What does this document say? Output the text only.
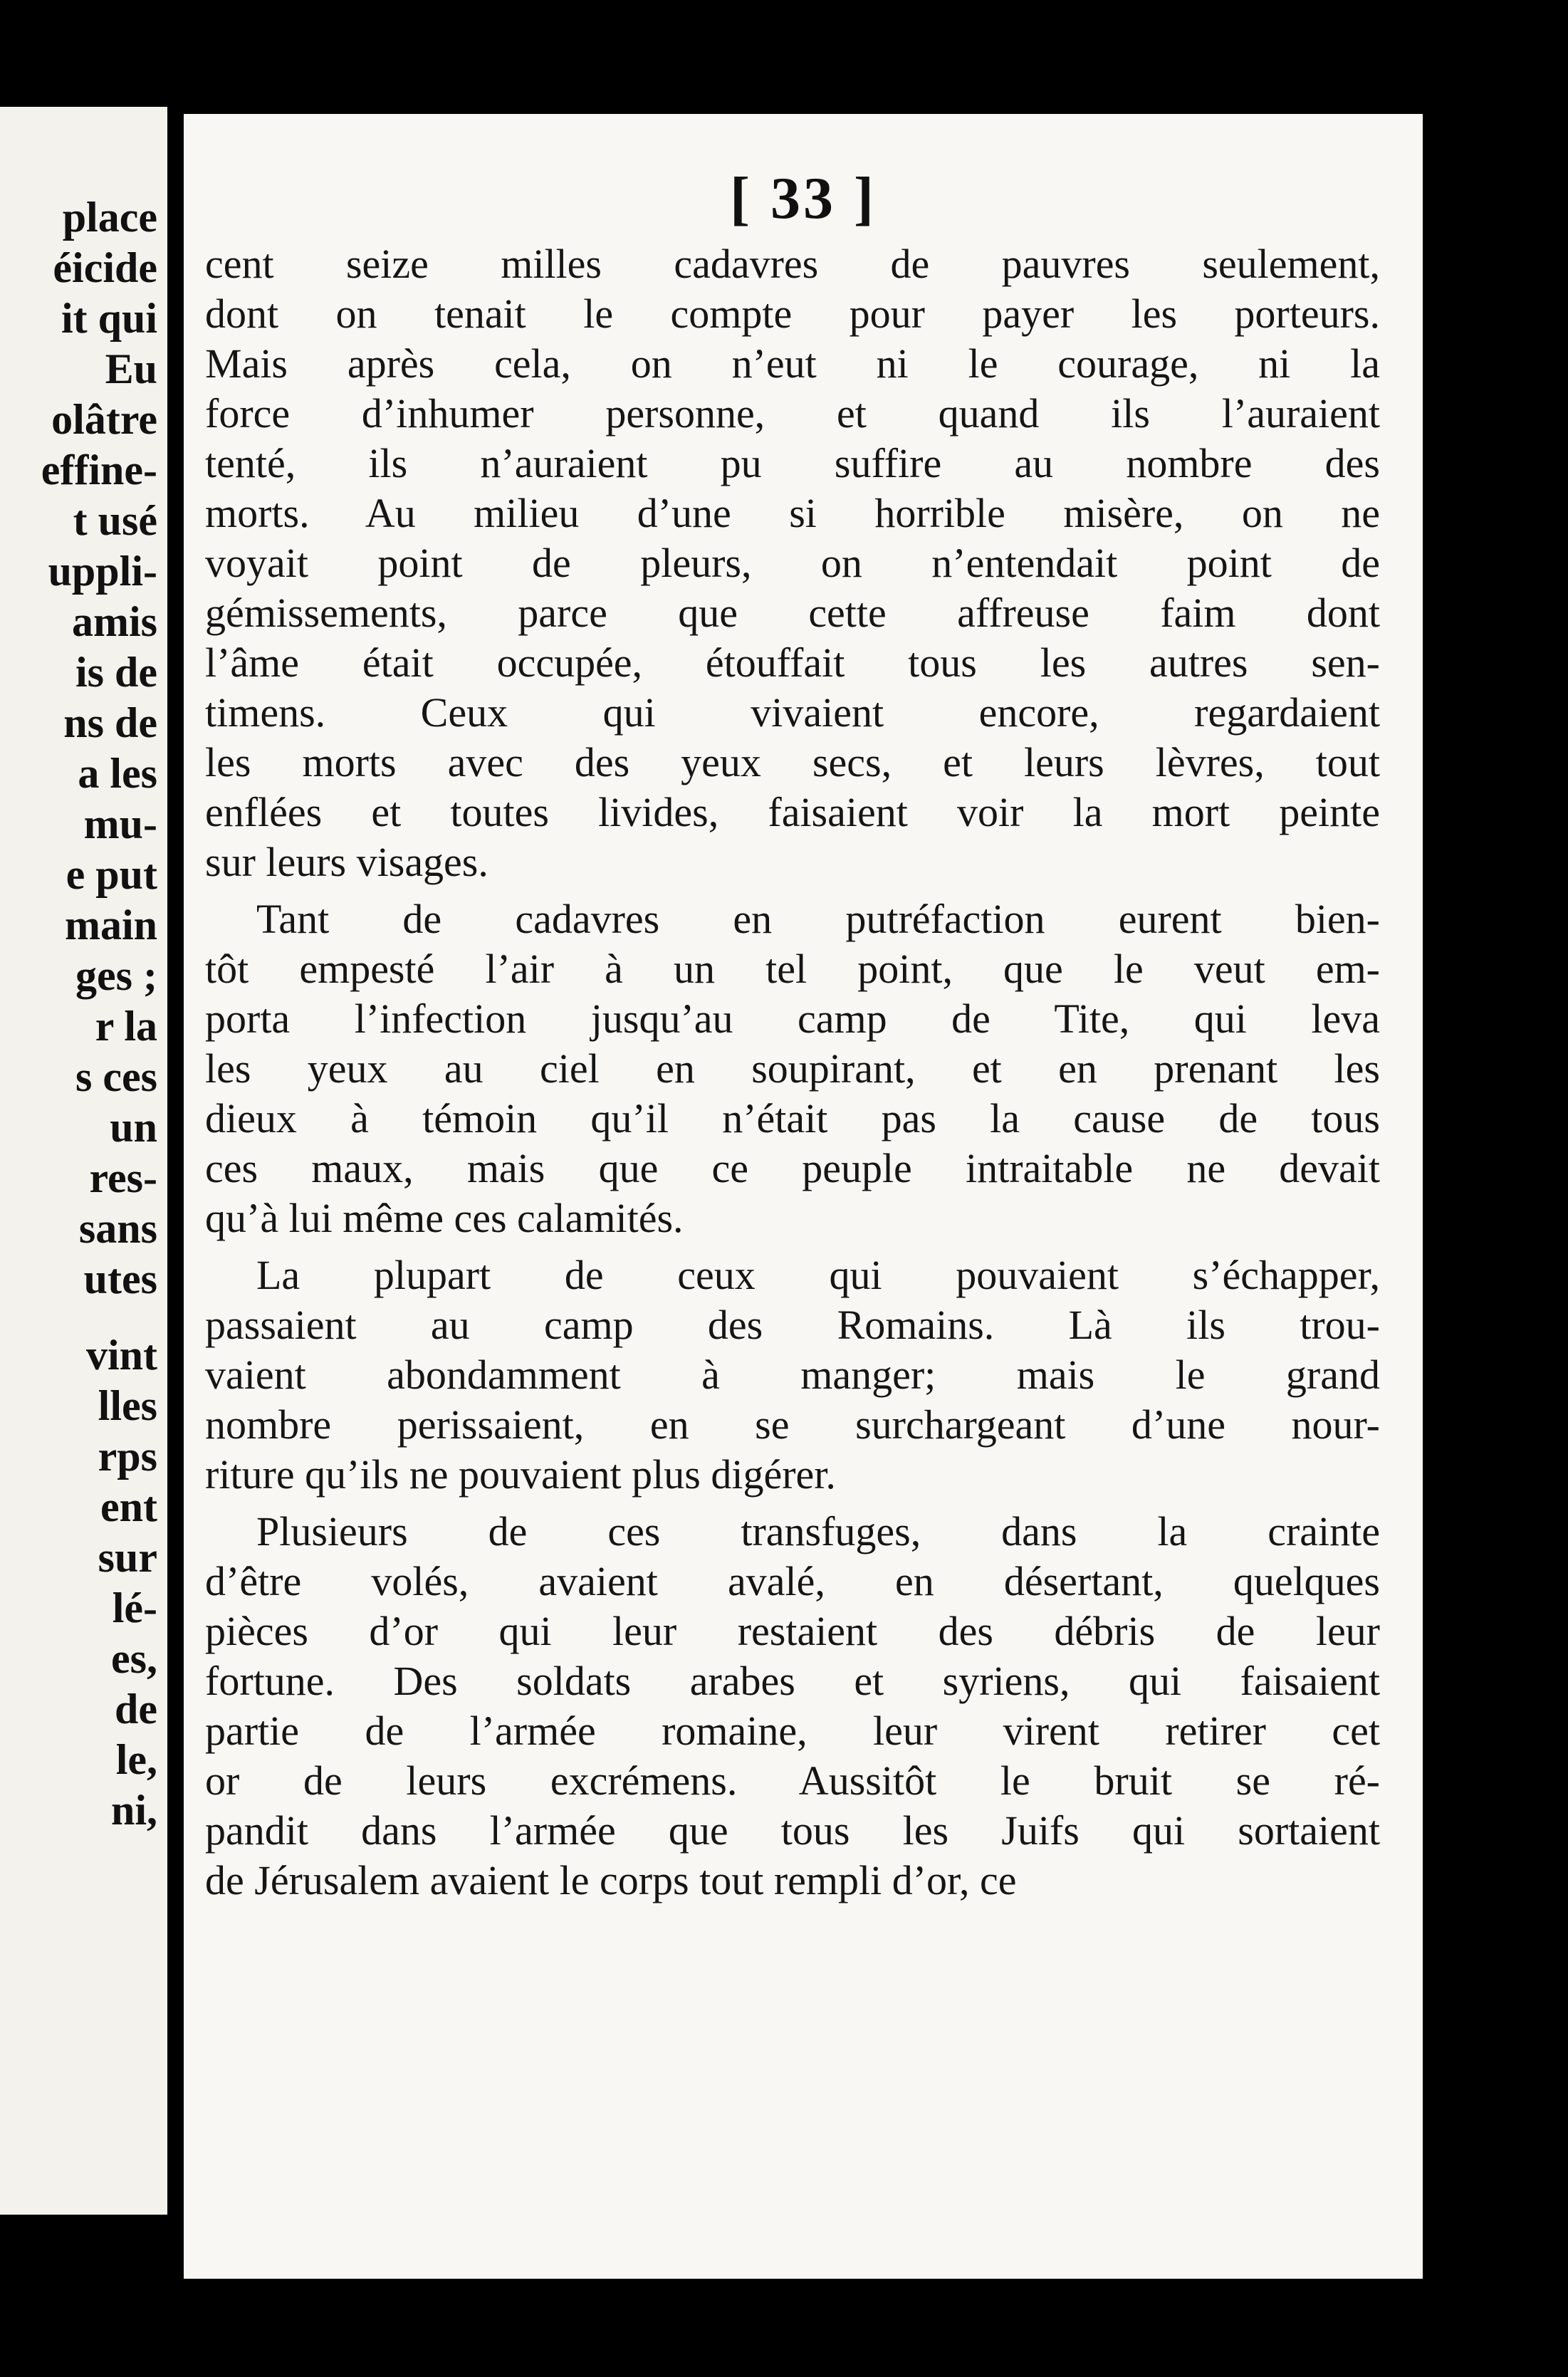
place
éicide
it qui
Eu
olâtre
effine-
t usé
uppli-
amis
is de
ns de
a les
mu-
e put
main
ges ;
r la
s ces
un
res-
sans
utes
vint
lles
rps
ent
sur
lé-
es,
de
le,
ni,
[ 33 ]
cent seize milles cadavres de pauvres seulement,
dont on tenait le compte pour payer les porteurs.
Mais après cela, on n’eut ni le courage, ni la
force d’inhumer personne, et quand ils l’auraient
tenté, ils n’auraient pu suffire au nombre des
morts. Au milieu d’une si horrible misère, on ne
voyait point de pleurs, on n’entendait point de
gémissements, parce que cette affreuse faim dont
l’âme était occupée, étouffait tous les autres sen-
timens. Ceux qui vivaient encore, regardaient
les morts avec des yeux secs, et leurs lèvres, tout
enflées et toutes livides, faisaient voir la mort peinte
sur leurs visages.
Tant de cadavres en putréfaction eurent bien-
tôt empesté l’air à un tel point, que le veut em-
porta l’infection jusqu’au camp de Tite, qui leva
les yeux au ciel en soupirant, et en prenant les
dieux à témoin qu’il n’était pas la cause de tous
ces maux, mais que ce peuple intraitable ne devait
qu’à lui même ces calamités.
La plupart de ceux qui pouvaient s’échapper,
passaient au camp des Romains. Là ils trou-
vaient abondamment à manger; mais le grand
nombre perissaient, en se surchargeant d’une nour-
riture qu’ils ne pouvaient plus digérer.
Plusieurs de ces transfuges, dans la crainte
d’être volés, avaient avalé, en désertant, quelques
pièces d’or qui leur restaient des débris de leur
fortune. Des soldats arabes et syriens, qui faisaient
partie de l’armée romaine, leur virent retirer cet
or de leurs excrémens. Aussitôt le bruit se ré-
pandit dans l’armée que tous les Juifs qui sortaient
de Jérusalem avaient le corps tout rempli d’or, ce
